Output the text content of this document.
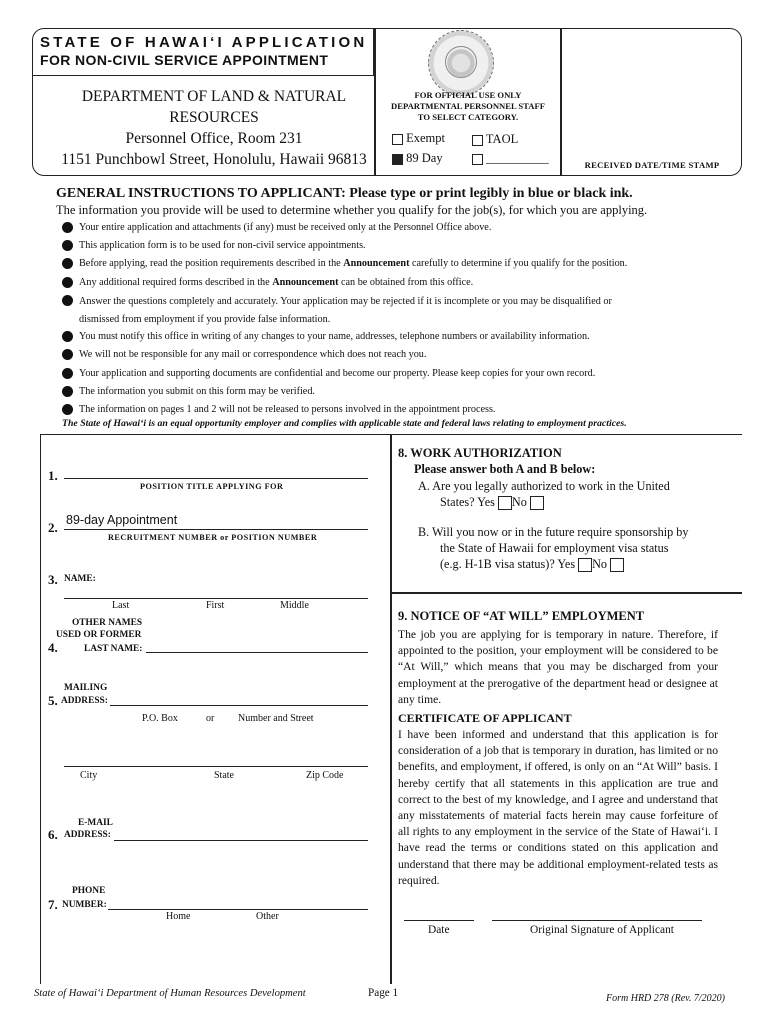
STATE OF HAWAI‘I APPLICATION
FOR NON-CIVIL SERVICE APPOINTMENT
DEPARTMENT OF LAND & NATURAL RESOURCES
Personnel Office, Room 231
1151 Punchbowl Street, Honolulu, Hawaii 96813
FOR OFFICIAL USE ONLY
DEPARTMENTAL PERSONNEL STAFF
TO SELECT CATEGORY.
Exempt	TAOL
89 Day	__________	RECEIVED DATE/TIME STAMP
GENERAL INSTRUCTIONS TO APPLICANT: Please type or print legibly in blue or black ink.
The information you provide will be used to determine whether you qualify for the job(s), for which you are applying.
Your entire application and attachments (if any) must be received only at the Personnel Office above.
This application form is to be used for non-civil service appointments.
Before applying, read the position requirements described in the Announcement carefully to determine if you qualify for the position.
Any additional required forms described in the Announcement can be obtained from this office.
Answer the questions completely and accurately. Your application may be rejected if it is incomplete or you may be disqualified or
dismissed from employment if you provide false information.
You must notify this office in writing of any changes to your name, addresses, telephone numbers or availability information.
We will not be responsible for any mail or correspondence which does not reach you.
Your application and supporting documents are confidential and become our property. Please keep copies for your own record.
The information you submit on this form may be verified.
The information on pages 1 and 2 will not be released to persons involved in the appointment process.
The State of Hawai‘i is an equal opportunity employer and complies with applicable state and federal laws relating to employment practices.
1.
POSITION TITLE APPLYING FOR
2. 89-day Appointment
RECRUITMENT NUMBER or POSITION NUMBER
3. NAME:
Last	First	Middle
OTHER NAMES
USED OR FORMER
4.	LAST NAME:
MAILING
5. ADDRESS:
P.O. Box	or Number and Street
City	State	Zip Code
E-MAIL
6. ADDRESS:
PHONE
7. NUMBER:
Home	Other
8. WORK AUTHORIZATION
Please answer both A and B below:
A. Are you legally authorized to work in the United
States? Yes No
B. Will you now or in the future require sponsorship by
the State of Hawaii for employment visa status
(e.g. H-1B visa status)? Yes No
9. NOTICE OF “AT WILL” EMPLOYMENT
The job you are applying for is temporary in nature. Therefore, if appointed to the position, your employment will be considered to be “At Will,” which means that you may be discharged from your employment at the prerogative of the department head or designee at any time.
CERTIFICATE OF APPLICANT
I have been informed and understand that this application is for consideration of a job that is temporary in duration, has limited or no benefits, and employment, if offered, is only on an “At Will” basis. I hereby certify that all statements in this application are true and correct to the best of my knowledge, and I agree and understand that any misstatements of material facts herein may cause forfeiture of all rights to any employment in the service of the State of Hawai‘i. I have read the terms or conditions stated on this application and understand that there may be additional employment-related tests as required.
Date	Original Signature of Applicant
State of Hawai‘i Department of Human Resources Development	Page 1	Form HRD 278 (Rev. 7/2020)
